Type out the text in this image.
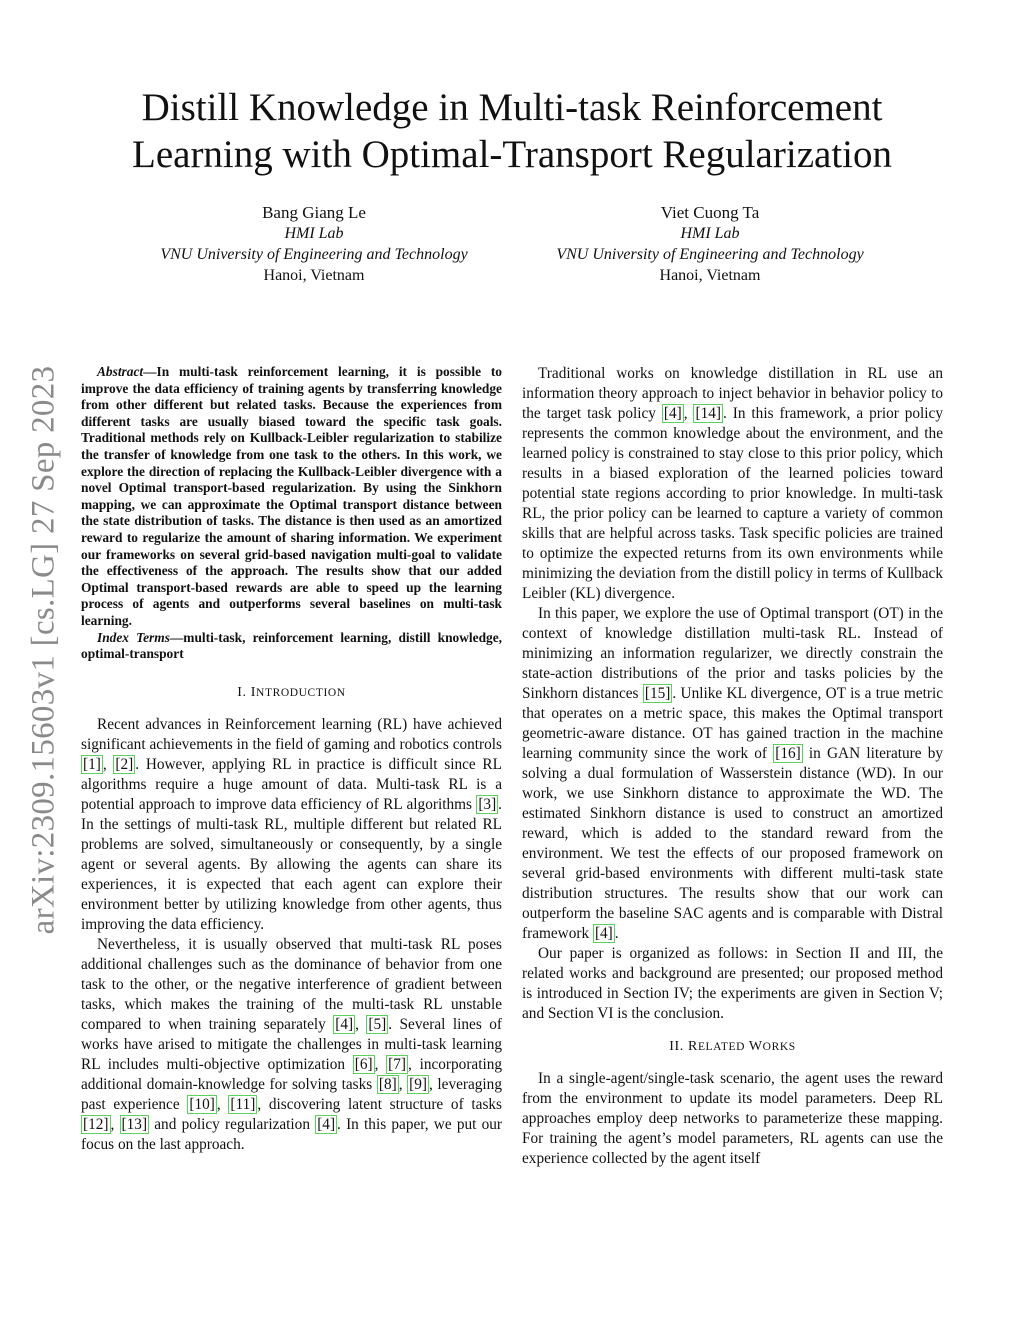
arXiv:2309.15603v1 [cs.LG] 27 Sep 2023
Distill Knowledge in Multi-task Reinforcement
Learning with Optimal-Transport Regularization
Bang Giang Le
HMI Lab
VNU University of Engineering and Technology
Hanoi, Vietnam
Viet Cuong Ta
HMI Lab
VNU University of Engineering and Technology
Hanoi, Vietnam

Abstract—In multi-task reinforcement learning, it is possible to improve the data efficiency of training agents by transferring knowledge from other different but related tasks. Because the experiences from different tasks are usually biased toward the specific task goals. Traditional methods rely on Kullback-Leibler regularization to stabilize the transfer of knowledge from one task to the others. In this work, we explore the direction of replacing the Kullback-Leibler divergence with a novel Optimal transport-based regularization. By using the Sinkhorn mapping, we can approximate the Optimal transport distance between the state distribution of tasks. The distance is then used as an amortized reward to regularize the amount of sharing information. We experiment our frameworks on several grid-based navigation multi-goal to validate the effectiveness of the approach. The results show that our added Optimal transport-based rewards are able to speed up the learning process of agents and outperforms several baselines on multi-task learning.

Index Terms—multi-task, reinforcement learning, distill knowledge, optimal-transport

I. INTRODUCTION

Recent advances in Reinforcement learning (RL) have achieved significant achievements in the field of gaming and robotics controls [1] , [2] . However, applying RL in practice is difficult since RL algorithms require a huge amount of data. Multi-task RL is a potential approach to improve data efficiency of RL algorithms [3] . In the settings of multi-task RL, multiple different but related RL problems are solved, simultaneously or consequently, by a single agent or several agents. By allowing the agents can share its experiences, it is expected that each agent can explore their environment better by utilizing knowledge from other agents, thus improving the data efficiency.

Nevertheless, it is usually observed that multi-task RL poses additional challenges such as the dominance of behavior from one task to the other, or the negative interference of gradient between tasks, which makes the training of the multi-task RL unstable compared to when training separately [4] , [5] . Several lines of works have arised to mitigate the challenges in multi-task learning RL includes multi-objective optimization [6] , [7] , incorporating additional domain-knowledge for solving tasks [8] , [9] , leveraging past experience [10] , [11] , discovering latent structure of tasks [12] , [13] and policy regularization [4] . In this paper, we put our focus on the last approach.

Traditional works on knowledge distillation in RL use an information theory approach to inject behavior in behavior policy to the target task policy [4] , [14] . In this framework, a prior policy represents the common knowledge about the environment, and the learned policy is constrained to stay close to this prior policy, which results in a biased exploration of the learned policies toward potential state regions according to prior knowledge. In multi-task RL, the prior policy can be learned to capture a variety of common skills that are helpful across tasks. Task specific policies are trained to optimize the expected returns from its own environments while minimizing the deviation from the distill policy in terms of Kullback Leibler (KL) divergence.

In this paper, we explore the use of Optimal transport (OT) in the context of knowledge distillation multi-task RL. Instead of minimizing an information regularizer, we directly constrain the state-action distributions of the prior and tasks policies by the Sinkhorn distances [15] . Unlike KL divergence, OT is a true metric that operates on a metric space, this makes the Optimal transport geometric-aware distance. OT has gained traction in the machine learning community since the work of [16] in GAN literature by solving a dual formulation of Wasserstein distance (WD). In our work, we use Sinkhorn distance to approximate the WD. The estimated Sinkhorn distance is used to construct an amortized reward, which is added to the standard reward from the environment. We test the effects of our proposed framework on several grid-based environments with different multi-task state distribution structures. The results show that our work can outperform the baseline SAC agents and is comparable with Distral framework [4] .

Our paper is organized as follows: in Section II and III, the related works and background are presented; our proposed method is introduced in Section IV; the experiments are given in Section V; and Section VI is the conclusion.

II. RELATED WORKS

In a single-agent/single-task scenario, the agent uses the reward from the environment to update its model parameters. Deep RL approaches employ deep networks to parameterize these mapping. For training the agent’s model parameters, RL agents can use the experience collected by the agent itself
